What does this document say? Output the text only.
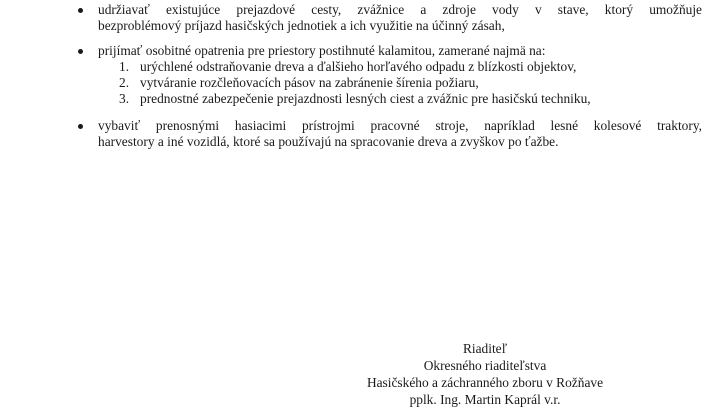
udržiavať existujúce prejazdové cesty, zvážnice a zdroje vody v stave, ktorý umožňuje
bezproblémový príjazd hasičských jednotiek a ich využitie na účinný zásah,
prijímať osobitné opatrenia pre priestory postihnuté kalamitou, zamerané najmä na:
1. urýchlené odstraňovanie dreva a ďalšieho horľavého odpadu z blízkosti objektov,
2. vytváranie rozčleňovacích pásov na zabránenie šírenia požiaru,
3. prednostné zabezpečenie prejazdnosti lesných ciest a zvážnic pre hasičskú techniku,
vybaviť prenosnými hasiacimi prístrojmi pracovné stroje, napríklad lesné kolesové traktory,
harvestory a iné vozidlá, ktoré sa používajú na spracovanie dreva a zvyškov po ťažbe.
Riaditeľ
Okresného riaditeľstva
Hasičského a záchranného zboru v Rožňave
pplk. Ing. Martin Kaprál v.r.
